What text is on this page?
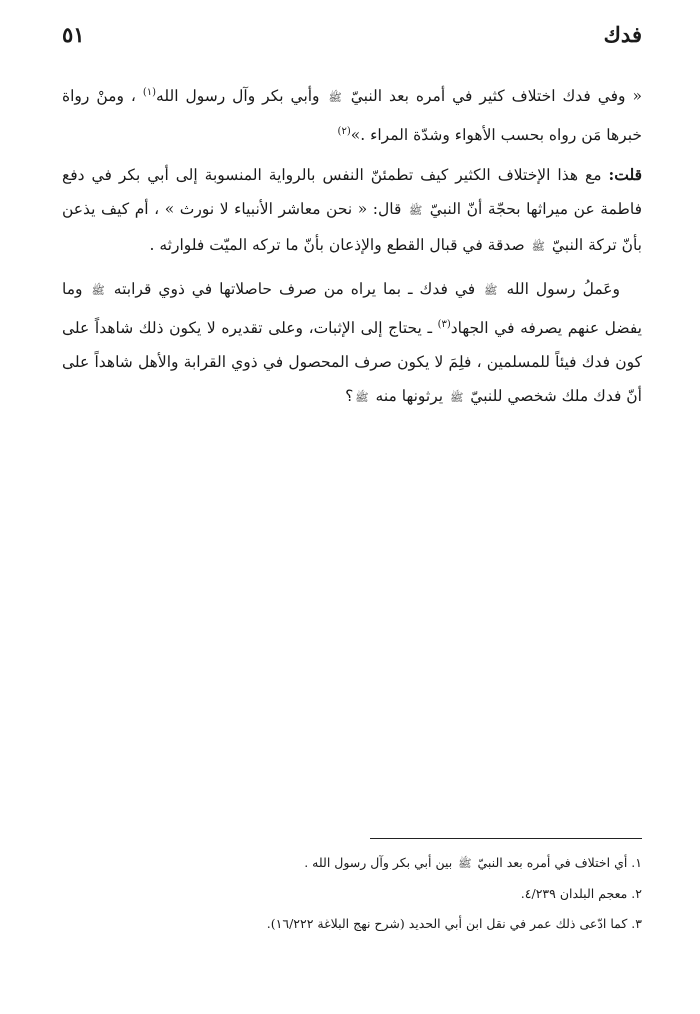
فدك
٥١

« وفي فدك اختلاف كثير في أمره بعد النبيّ ﷺ وأبي بكر وآل رسول الله$^{(١)}$ ، ومنْ رواة خبرها مَن رواه بحسب الأهواء وشدّة المراء .»$^{(٢)}$

قلت: مع هذا الإختلاف الكثير كيف تطمئنّ النفس بالرواية المنسوبة إلى أبي بكر في دفع فاطمة عن ميراثها بحجّة أنّ النبيّ ﷺ قال: « نحن معاشر الأنبياء لا نورث » ، أم كيف يذعن بأنّ تركة النبيّ ﷺ صدقة في قبال القطع والإذعان بأنّ ما تركه الميّت فلوارثه .

وعَملُ رسول الله ﷺ في فدك ـ بما يراه من صرف حاصلاتها في ذوي قرابته ﷺ وما يفضل عنهم يصرفه في الجهاد$^{(٣)}$ ـ يحتاج إلى الإثبات، وعلى تقديره لا يكون ذلك شاهداً على كون فدك فيئاً للمسلمين ، فلِمَ لا يكون صرف المحصول في ذوي القرابة والأهل شاهداً على أنّ فدك ملك شخصي للنبيّ ﷺ يرثونها منه ﷺ؟

١. أي اختلاف في أمره بعد النبيّ ﷺ بين أبي بكر وآل رسول الله .

٢. معجم البلدان ٤/٢٣٩.

٣. كما ادّعى ذلك عمر في نقل ابن أبي الحديد (شرح نهج البلاغة ١٦/٢٢٢).
